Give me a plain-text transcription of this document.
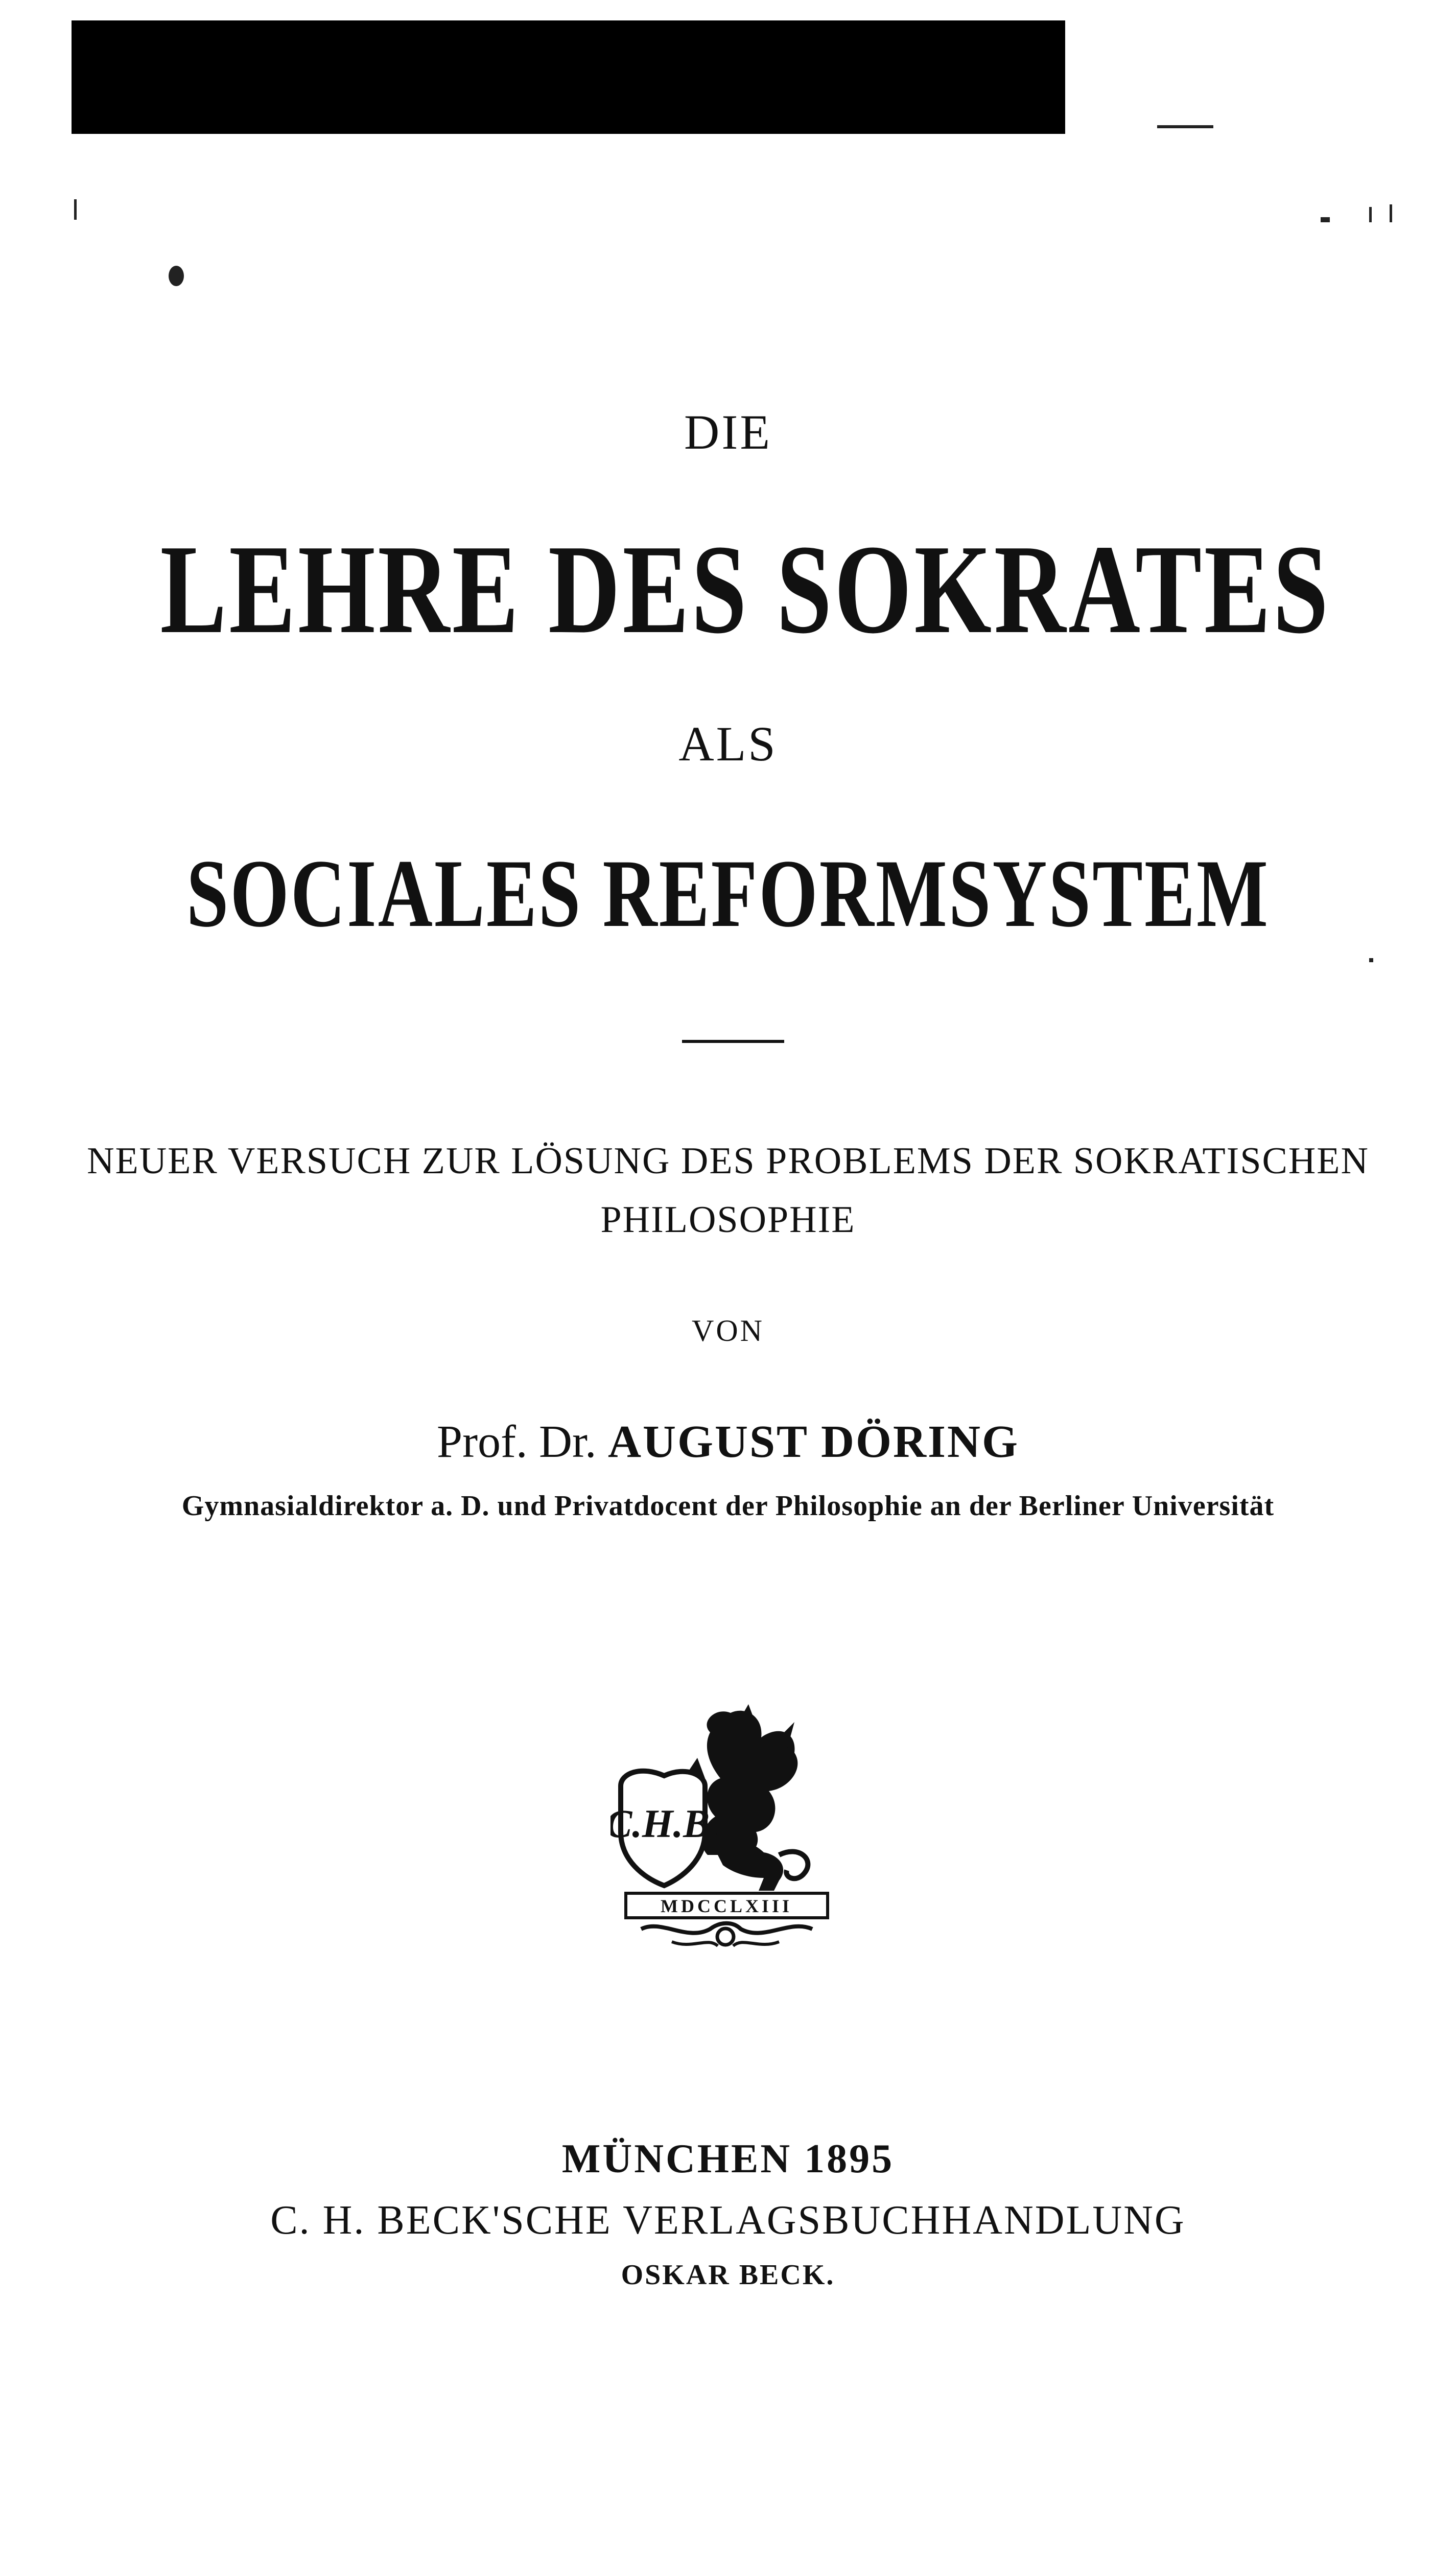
DIE
LEHRE DES SOKRATES
ALS
SOCIALES REFORMSYSTEM
NEUER VERSUCH ZUR LÖSUNG DES PROBLEMS DER SOKRATISCHEN
PHILOSOPHIE
VON
Prof. Dr. AUGUST DÖRING
Gymnasialdirektor a. D. und Privatdocent der Philosophie an der Berliner Universität
C.H.B.
MDCCLXIII
MÜNCHEN 1895
C. H. BECK'SCHE VERLAGSBUCHHANDLUNG
OSKAR BECK.
